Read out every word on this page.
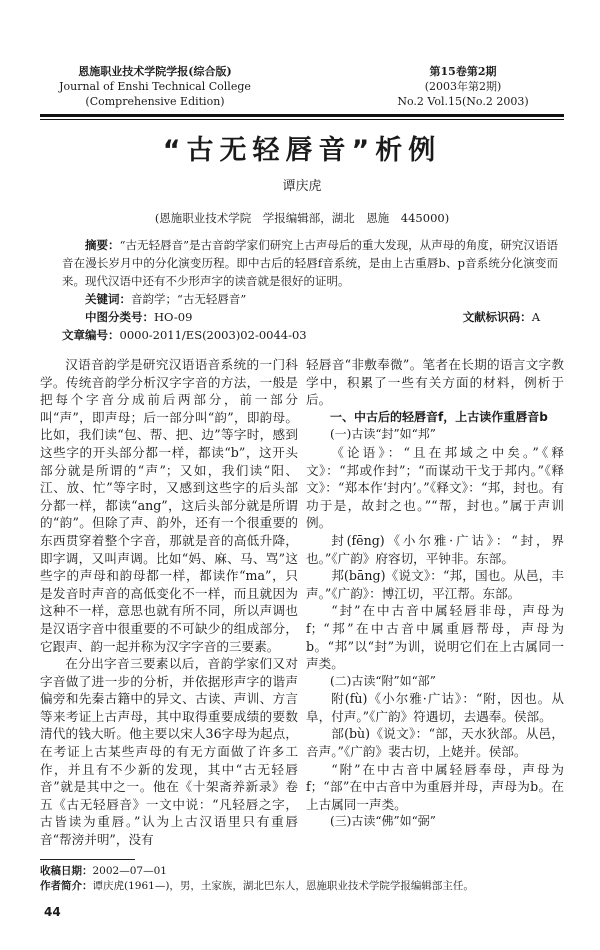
恩施职业技术学院学报(综合版)
Journal of Enshi Technical College
(Comprehensive Edition)
第15卷第2期
(2003年第2期)
No.2 Vol.15(No.2 2003)
“古无轻唇音”析例
谭庆虎
(恩施职业技术学院　学报编辑部，湖北　恩施　445000)

摘要：“古无轻唇音”是古音韵学家们研究上古声母后的重大发现，从声母的角度，研究汉语语音在漫长岁月中的分化演变历程。即中古后的轻唇f音系统，是由上古重唇b、p音系统分化演变而来。现代汉语中还有不少形声字的读音就是很好的证明。

关键词：音韵学；“古无轻唇音”

中图分类号：HO-09	文献标识码：A 文章编号：0000-2011/ES(2003)02-0044-03

汉语音韵学是研究汉语语音系统的一门科学。传统音韵学分析汉字字音的方法，一般是把每个字音分成前后两部分，前一部分叫“声”，即声母；后一部分叫“韵”，即韵母。比如，我们读“包、帮、把、边”等字时，感到这些字的开头部分都一样，都读“b”，这开头部分就是所谓的“声”；又如，我们读“阳、江、放、忙”等字时，又感到这些字的后头部分都一样，都读“ang”，这后头部分就是所谓的“韵”。但除了声、韵外，还有一个很重要的东西贯穿着整个字音，那就是音的高低升降，即字调，又叫声调。比如“妈、麻、马、骂”这些字的声母和韵母都一样，都读作“ma”，只是发音时声音的高低变化不一样，而且就因为这种不一样，意思也就有所不同，所以声调也是汉语字音中很重要的不可缺少的组成部分，它跟声、韵一起并称为汉字字音的三要素。

在分出字音三要素以后，音韵学家们又对字音做了进一步的分析，并依据形声字的谐声偏旁和先秦古籍中的异文、古读、声训、方言等来考证上古声母，其中取得重要成绩的要数清代的钱大昕。他主要以宋人36字母为起点，在考证上古某些声母的有无方面做了许多工作，并且有不少新的发现，其中“古无轻唇音”就是其中之一。他在《十架斋养新录》卷五《古无轻唇音》一文中说：“凡轻唇之字，古皆读为重唇。”认为上古汉语里只有重唇音“帮滂并明”，没有

轻唇音“非敷奉微”。笔者在长期的语言文字教学中，积累了一些有关方面的材料，例析于后。

一、中古后的轻唇音f，上古读作重唇音b

(一)古读“封”如“邦”

《论语》：“且在邦域之中矣。”《释文》：“邦或作封”；“而谋动干戈于邦内。”《释文》：“郑本作‘封内’。”《释文》：“邦，封也。有功于是，故封之也。”“帮，封也。”属于声训例。

封(fēng)《小尔雅·广诂》：“封，界也。”《广韵》府容切，平钟非。东部。

邦(bāng)《说文》：“邦，国也。从邑，丰声。”《广韵》：博江切，平江帮。东部。

“封”在中古音中属轻唇非母，声母为f；“邦”在中古音中属重唇帮母，声母为b。“邦”以“封”为训，说明它们在上古属同一声类。

(二)古读“附”如“部”

附(fù)《小尔雅·广诂》：“附，因也。从阜，付声。”《广韵》符遇切，去遇奉。侯部。

部(bù)《说文》：“部，天水狄部。从邑，咅声。”《广韵》裴古切，上姥并。侯部。

“附”在中古音中属轻唇奉母，声母为f；“部”在中古音中为重唇并母，声母为b。在上古属同一声类。

(三)古读“佛”如“弼”

收稿日期：2002—07—01
作者简介：谭庆虎(1961—)，男，土家族，湖北巴东人，恩施职业技术学院学报编辑部主任。
44
